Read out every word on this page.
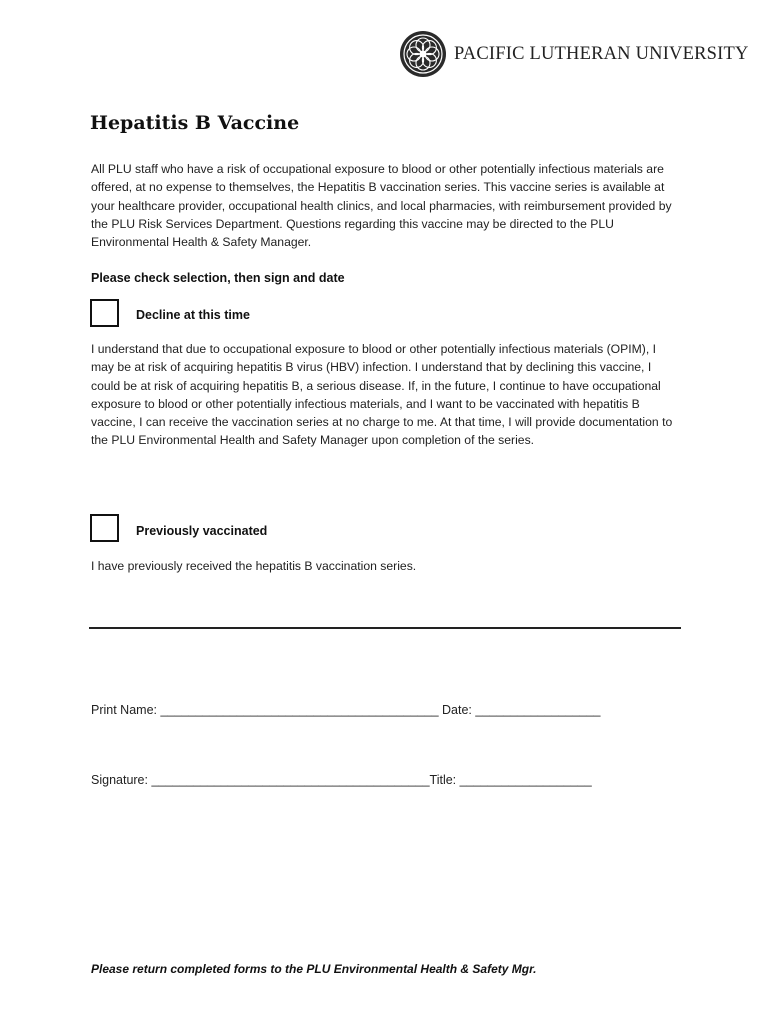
PACIFIC LUTHERAN UNIVERSITY
Hepatitis B Vaccine

All PLU staff who have a risk of occupational exposure to blood or other potentially infectious materials are offered, at no expense to themselves, the Hepatitis B vaccination series. This vaccine series is available at your healthcare provider, occupational health clinics, and local pharmacies, with reimbursement provided by the PLU Risk Services Department. Questions regarding this vaccine may be directed to the PLU Environmental Health & Safety Manager.

Please check selection, then sign and date

Decline at this time

I understand that due to occupational exposure to blood or other potentially infectious materials (OPIM), I may be at risk of acquiring hepatitis B virus (HBV) infection. I understand that by declining this vaccine, I could be at risk of acquiring hepatitis B, a serious disease. If, in the future, I continue to have occupational exposure to blood or other potentially infectious materials, and I want to be vaccinated with hepatitis B vaccine, I can receive the vaccination series at no charge to me. At that time, I will provide documentation to the PLU Environmental Health and Safety Manager upon completion of the series.

Previously vaccinated

I have previously received the hepatitis B vaccination series.

Print Name: ________________________________________ Date: __________________

Signature: ________________________________________Title: ___________________

Please return completed forms to the PLU Environmental Health & Safety Mgr.
